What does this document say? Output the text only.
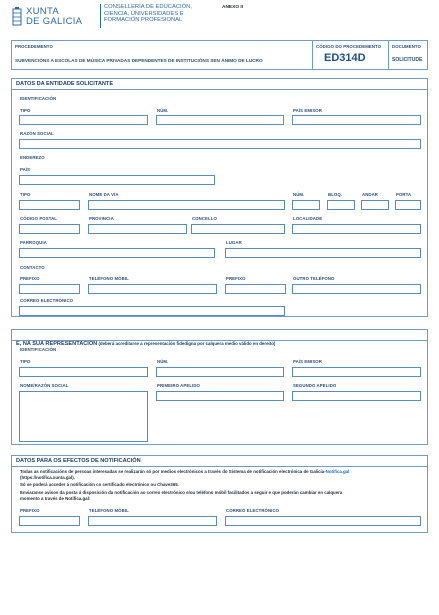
XUNTA
DE GALICIA
CONSELLERÍA DE EDUCACIÓN,
CIENCIA, UNIVERSIDADES E
FORMACIÓN PROFESIONAL
ANEXO II
PROCEDEMENTO
SUBVENCIÓNS A ESCOLAS DE MÚSICA PRIVADAS DEPENDENTES DE INSTITUCIÓNS SEN ÁNIMO DE LUCRO
CÓDIGO DO PROCEDEMENTO
ED314D
DOCUMENTO
SOLICITUDE
DATOS DA ENTIDADE SOLICITANTE
IDENTIFICACIÓN
TIPO	NÚM.	PAÍS EMISOR
RAZÓN SOCIAL
ENDEREZO
PAÍS
TIPO	NOME DA VÍA	NÚM.	BLOQ.	ANDAR	PORTA
CÓDIGO POSTAL	PROVINCIA	CONCELLO	LOCALIDADE
PARROQUIA	LUGAR
CONTACTO
PREFIXO	TELÉFONO MÓBIL	PREFIXO	OUTRO TELÉFONO
CORREO ELECTRÓNICO
E, NA SÚA REPRESENTACIÓN (deberá acreditarse a representación fidedigna por calquera medio válido en dereito)
IDENTIFICACIÓN
TIPO	NÚM.	PAÍS EMISOR
NOME/RAZÓN SOCIAL	PRIMEIRO APELIDO	SEGUNDO APELIDO
DATOS PARA OS EFECTOS DE NOTIFICACIÓN
Todas as notificacións de persoas interesadas se realizarán só por medios electrónicos a través do Sistema de notificación electrónica de Galicia-Notifica.gal
(https://notifica.xunta.gal).
Só se poderá acceder á notificación co certificado electrónico ou Chave365.
Enviaranse avisos da posta á disposición da notificación ao correo electrónico e/ou teléfono móbil facilitados a seguir e que poderán cambiar en calquera
momento a través de Notifica.gal:
PREFIXO	TELÉFONO MÓBIL	CORREO ELECTRÓNICO
